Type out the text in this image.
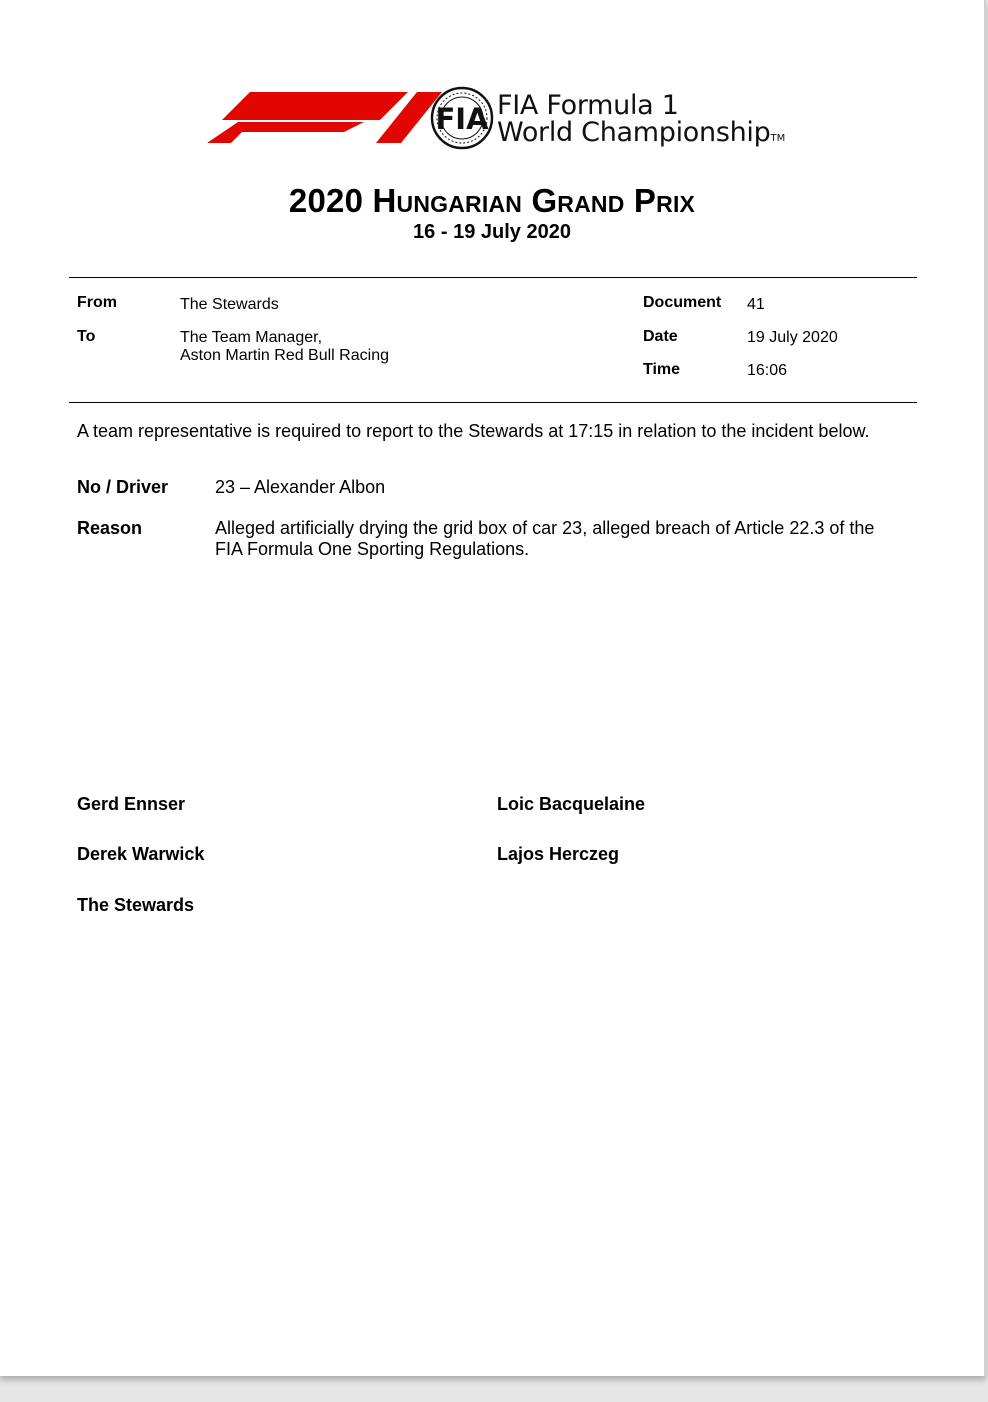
FIA FIA Formula 1
World ChampionshipTM
2020 Hungarian Grand Prix
16 - 19 July 2020
From	The Stewards
To	The Team Manager,
Aston Martin Red Bull Racing
Document 41
Date	19 July 2020
Time	16:06
A team representative is required to report to the Stewards at 17:15 in relation to the incident below.
No / Driver	23 – Alexander Albon
Reason	Alleged artificially drying the grid box of car 23, alleged breach of Article 22.3 of the
FIA Formula One Sporting Regulations.
Gerd Ennser	Loic Bacquelaine
Derek Warwick	Lajos Herczeg
The Stewards
